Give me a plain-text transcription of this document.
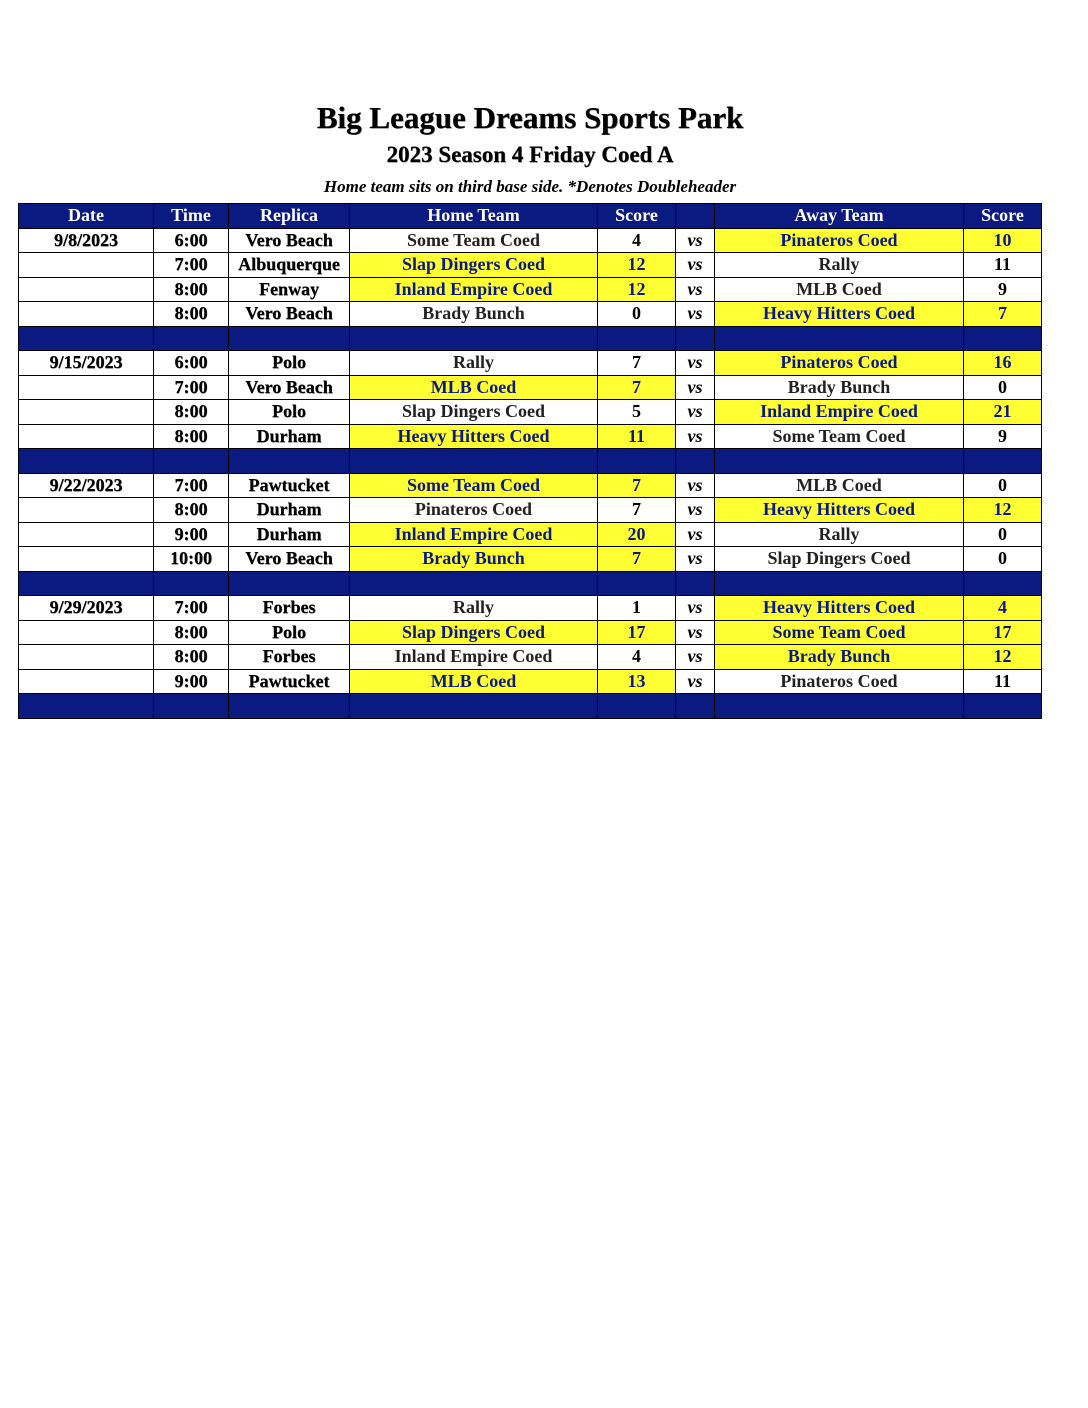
Big League Dreams Sports Park
2023 Season 4 Friday Coed A
Home team sits on third base side. *Denotes Doubleheader
Date	Time	Replica	Home Team	Score		Away Team	Score
9/8/2023	6:00	Vero Beach	Some Team Coed	4	vs	Pinateros Coed	10
	7:00	Albuquerque	Slap Dingers Coed	12	vs	Rally	11
	8:00	Fenway	Inland Empire Coed	12	vs	MLB Coed	9
	8:00	Vero Beach	Brady Bunch	0	vs	Heavy Hitters Coed	7

9/15/2023	6:00	Polo	Rally	7	vs	Pinateros Coed	16
	7:00	Vero Beach	MLB Coed	7	vs	Brady Bunch	0
	8:00	Polo	Slap Dingers Coed	5	vs	Inland Empire Coed	21
	8:00	Durham	Heavy Hitters Coed	11	vs	Some Team Coed	9

9/22/2023	7:00	Pawtucket	Some Team Coed	7	vs	MLB Coed	0
	8:00	Durham	Pinateros Coed	7	vs	Heavy Hitters Coed	12
	9:00	Durham	Inland Empire Coed	20	vs	Rally	0
	10:00	Vero Beach	Brady Bunch	7	vs	Slap Dingers Coed	0

9/29/2023	7:00	Forbes	Rally	1	vs	Heavy Hitters Coed	4
	8:00	Polo	Slap Dingers Coed	17	vs	Some Team Coed	17
	8:00	Forbes	Inland Empire Coed	4	vs	Brady Bunch	12
	9:00	Pawtucket	MLB Coed	13	vs	Pinateros Coed	11
